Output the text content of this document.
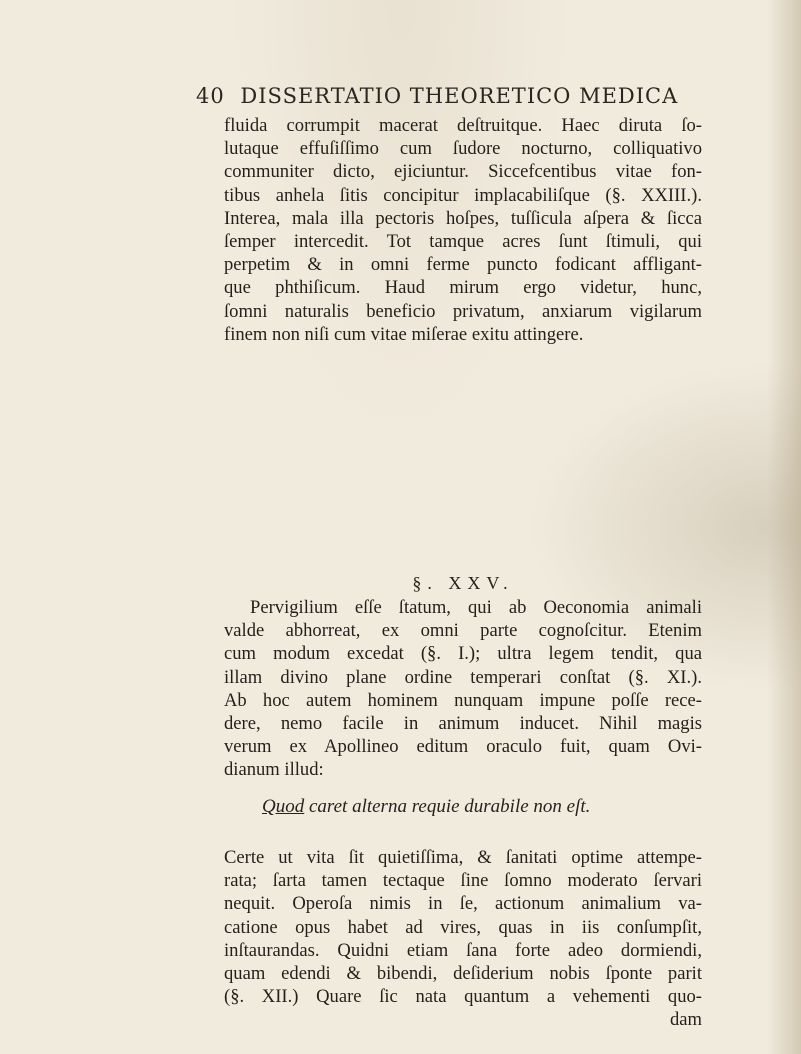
40 DISSERTATIO THEORETICO MEDICA
fluida corrumpit macerat deſtruitque. Haec diruta ſo-
lutaque effuſiſſimo cum ſudore nocturno, colliquativo
communiter dicto, ejiciuntur. Siccefcentibus vitae fon-
tibus anhela ſitis concipitur implacabiliſque (§. XXIII.).
Interea, mala illa pectoris hoſpes, tuſſicula aſpera & ſicca
ſemper intercedit. Tot tamque acres ſunt ſtimuli, qui
perpetim & in omni ferme puncto fodicant affligant-
que phthiſicum. Haud mirum ergo videtur, hunc,
ſomni naturalis beneficio privatum, anxiarum vigilarum
finem non niſi cum vitae miſerae exitu attingere.
§. XXV.
Pervigilium eſſe ſtatum, qui ab Oeconomia animali
valde abhorreat, ex omni parte cognoſcitur. Etenim
cum modum excedat (§. I.); ultra legem tendit, qua
illam divino plane ordine temperari conſtat (§. XI.).
Ab hoc autem hominem nunquam impune poſſe rece-
dere, nemo facile in animum inducet. Nihil magis
verum ex Apollineo editum oraculo fuit, quam Ovi-
dianum illud:
Quod caret alterna requie durabile non eſt.
Certe ut vita ſit quietiſſima, & ſanitati optime attempe-
rata; ſarta tamen tectaque ſine ſomno moderato ſervari
nequit. Operoſa nimis in ſe, actionum animalium va-
catione opus habet ad vires, quas in iis conſumpſit,
inſtaurandas. Quidni etiam ſana forte adeo dormiendi,
quam edendi & bibendi, deſiderium nobis ſponte parit
(§. XII.) Quare ſic nata quantum a vehementi quo-
dam
